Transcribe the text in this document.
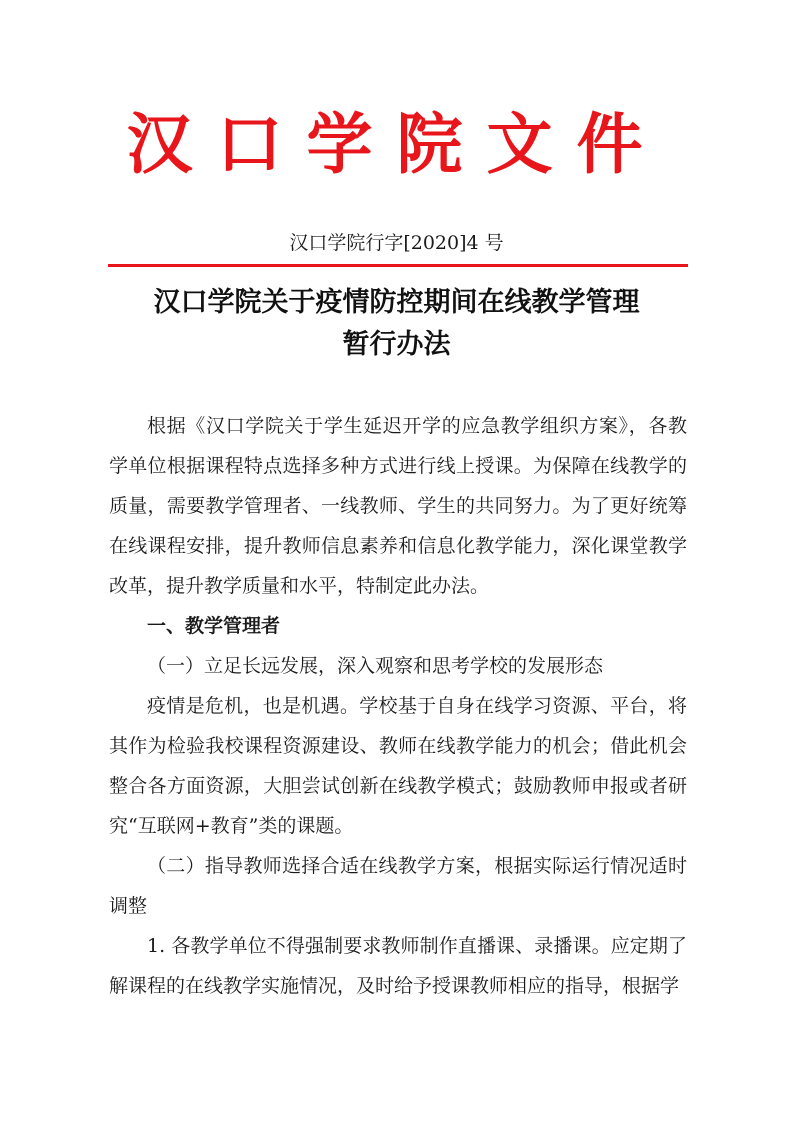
汉口学院文件
汉口学院行字[2020]4 号
汉口学院关于疫情防控期间在线教学管理
暂行办法

根据《汉口学院关于学生延迟开学的应急教学组织方案》，各教学单位根据课程特点选择多种方式进行线上授课。为保障在线教学的质量，需要教学管理者、一线教师、学生的共同努力。为了更好统筹在线课程安排，提升教师信息素养和信息化教学能力，深化课堂教学改革，提升教学质量和水平，特制定此办法。

一、教学管理者

（一）立足长远发展，深入观察和思考学校的发展形态

疫情是危机，也是机遇。学校基于自身在线学习资源、平台，将其作为检验我校课程资源建设、教师在线教学能力的机会；借此机会整合各方面资源，大胆尝试创新在线教学模式；鼓励教师申报或者研究“互联网+教育”类的课题。

（二）指导教师选择合适在线教学方案，根据实际运行情况适时调整

1. 各教学单位不得强制要求教师制作直播课、录播课。应定期了解课程的在线教学实施情况，及时给予授课教师相应的指导，根据学
